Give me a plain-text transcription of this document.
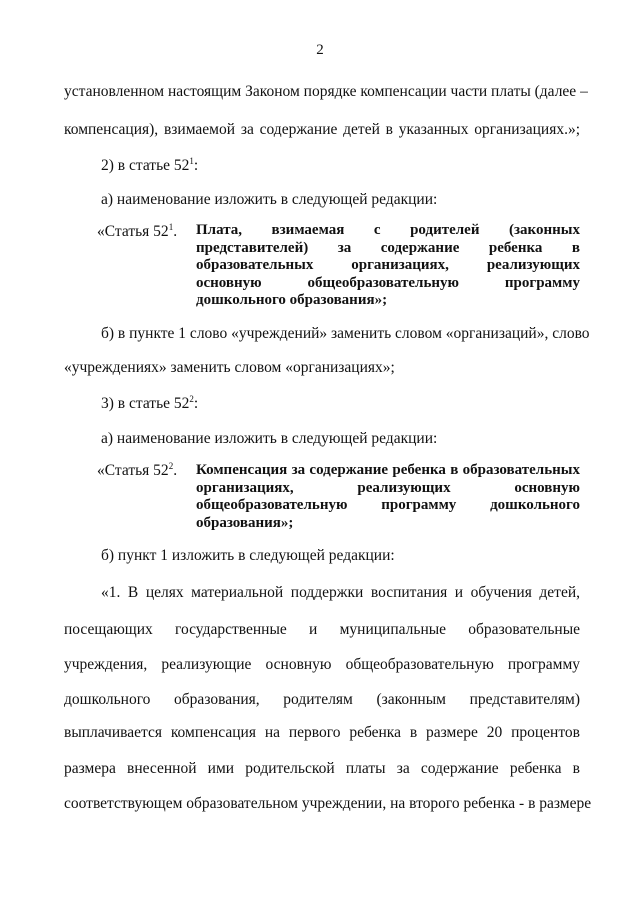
2
установленном настоящим Законом порядке компенсации части платы (далее –
компенсация), взимаемой за содержание детей в указанных организациях.»;
2) в статье $52^1$:
а) наименование изложить в следующей редакции:
«Статья $52^1$. Плата, взимаемая с родителей (законных
представителей) за содержание ребенка в
образовательных организациях, реализующих
основную общеобразовательную программу
дошкольного образования»;
б) в пункте 1 слово «учреждений» заменить словом «организаций», слово
«учреждениях» заменить словом «организациях»;
3) в статье $52^2$:
а) наименование изложить в следующей редакции:
«Статья $52^2$. Компенсация за содержание ребенка в образовательных
организациях, реализующих основную
общеобразовательную программу дошкольного
образования»;
б) пункт 1 изложить в следующей редакции:
«1. В целях материальной поддержки воспитания и обучения детей,
посещающих государственные и муниципальные образовательные
учреждения, реализующие основную общеобразовательную программу
дошкольного образования, родителям (законным представителям)
выплачивается компенсация на первого ребенка в размере 20 процентов
размера внесенной ими родительской платы за содержание ребенка в
соответствующем образовательном учреждении, на второго ребенка - в размере
